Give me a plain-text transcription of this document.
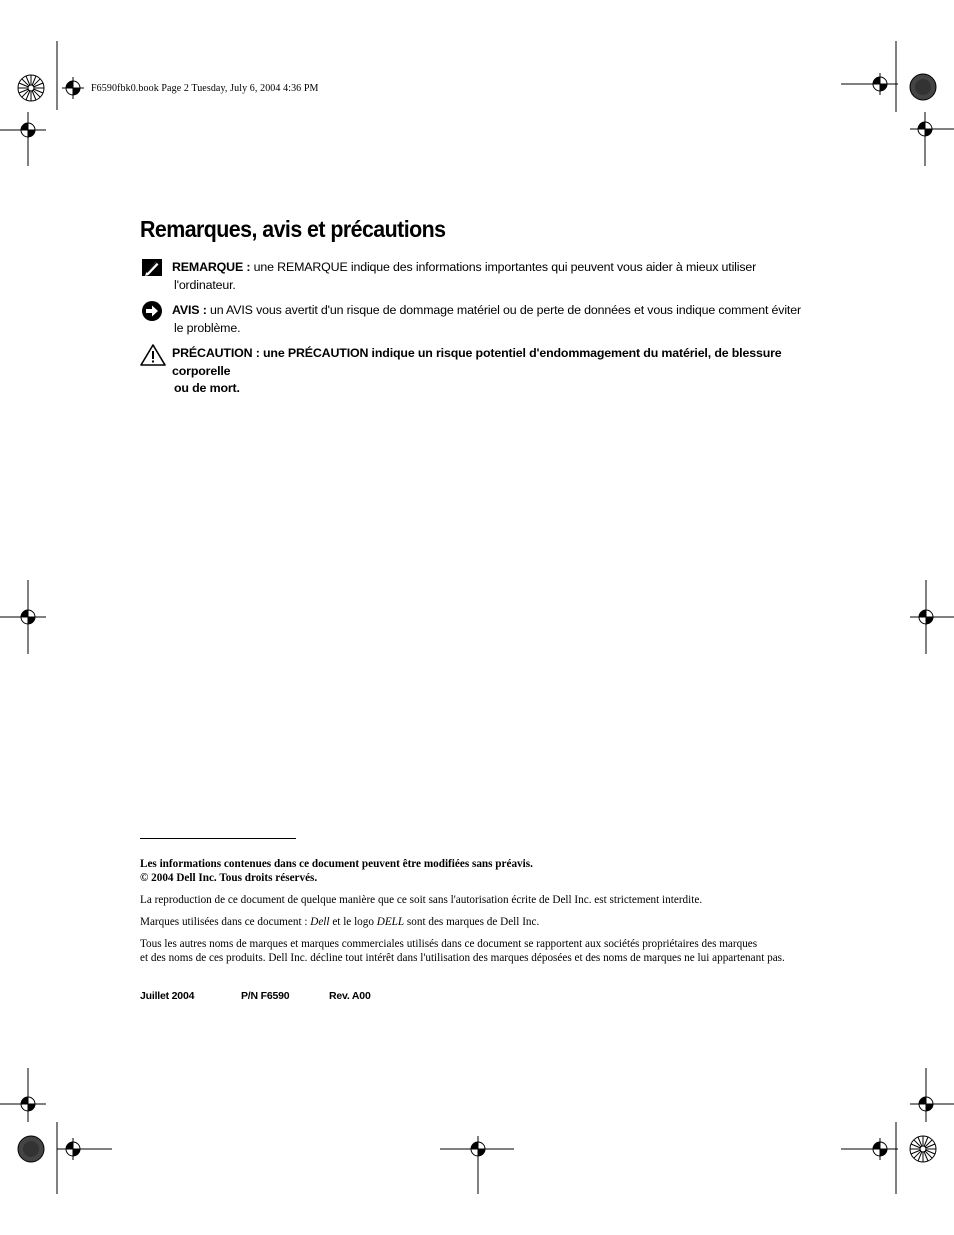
F6590fbk0.book Page 2 Tuesday, July 6, 2004 4:36 PM
Remarques, avis et précautions
REMARQUE : une REMARQUE indique des informations importantes qui peuvent vous aider à mieux utiliser
l'ordinateur.
AVIS : un AVIS vous avertit d'un risque de dommage matériel ou de perte de données et vous indique comment éviter
le problème.
PRÉCAUTION : une PRÉCAUTION indique un risque potentiel d'endommagement du matériel, de blessure corporelle
ou de mort.
Les informations contenues dans ce document peuvent être modifiées sans préavis.
© 2004 Dell Inc. Tous droits réservés.
La reproduction de ce document de quelque manière que ce soit sans l'autorisation écrite de Dell Inc. est strictement interdite.
Marques utilisées dans ce document : Dell et le logo DELL sont des marques de Dell Inc.
Tous les autres noms de marques et marques commerciales utilisés dans ce document se rapportent aux sociétés propriétaires des marques
et des noms de ces produits. Dell Inc. décline tout intérêt dans l'utilisation des marques déposées et des noms de marques ne lui appartenant pas.
Juillet 2004	P/N F6590	Rev. A00
